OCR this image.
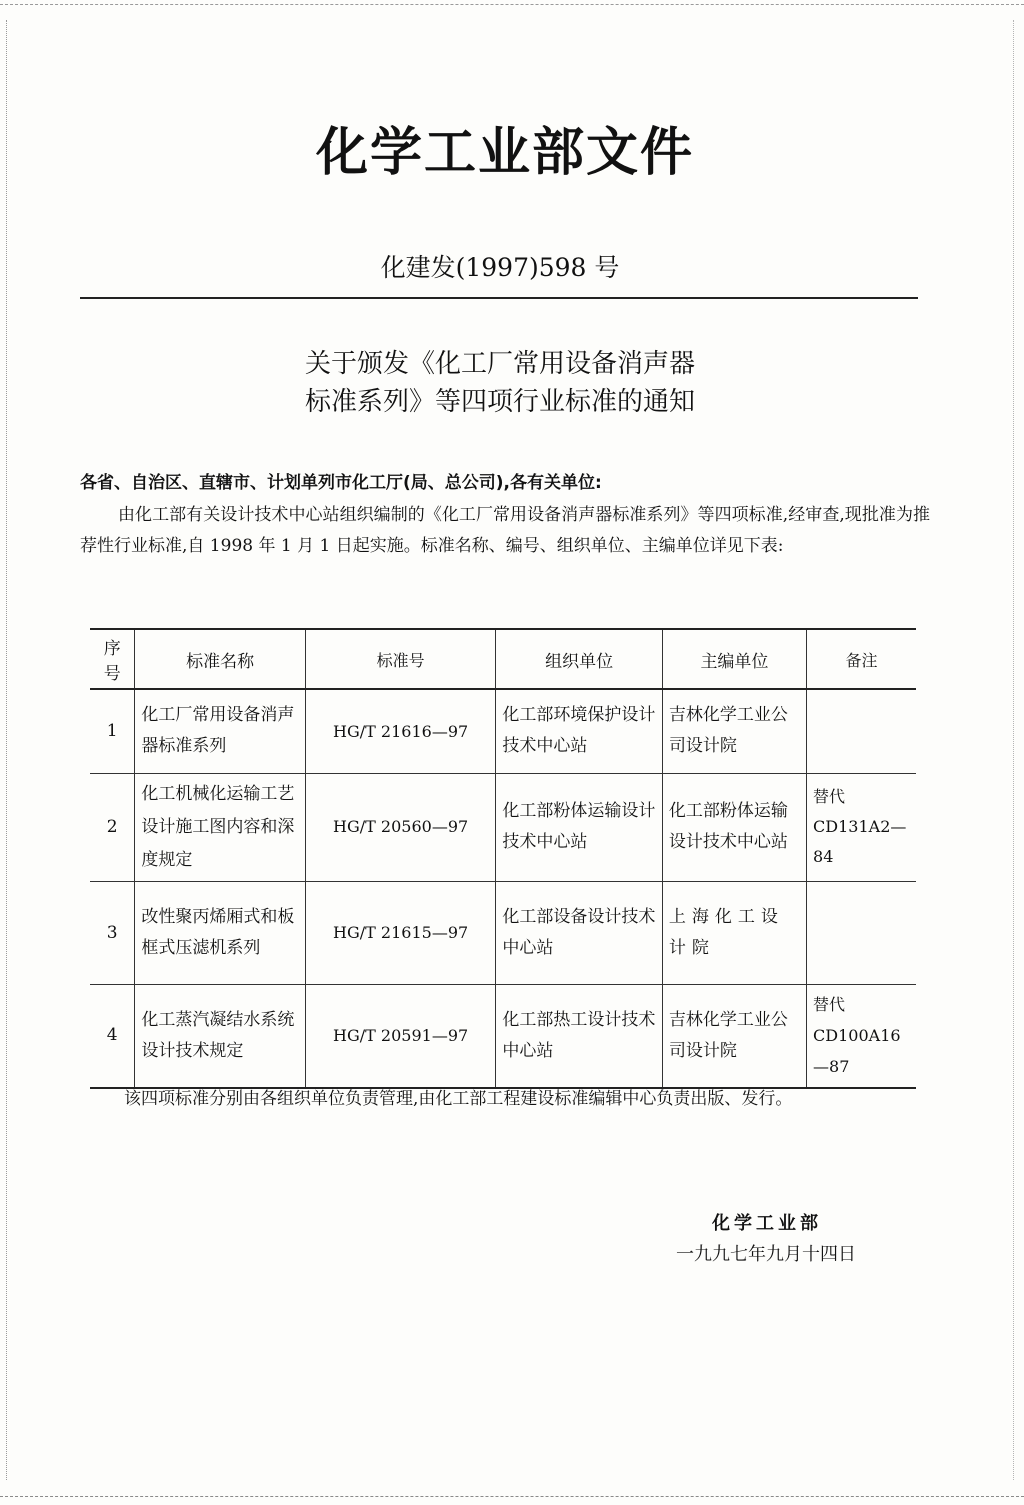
化学工业部文件
化建发(1997)598 号
关于颁发《化工厂常用设备消声器
标准系列》等四项行业标准的通知
各省、自治区、直辖市、计划单列市化工厅(局、总公司),各有关单位:
由化工部有关设计技术中心站组织编制的《化工厂常用设备消声器标准系列》等四项标准,经审查,现批准为推荐性行业标准,自 1998 年 1 月 1 日起实施。标准名称、编号、组织单位、主编单位详见下表:
序号	标准名称	标准号	组织单位	主编单位	备注
1	化工厂常用设备消声器标准系列	HG/T 21616—97	化工部环境保护设计技术中心站	吉林化学工业公司设计院	
2	化工机械化运输工艺设计施工图内容和深度规定	HG/T 20560—97	化工部粉体运输设计技术中心站	化工部粉体运输设计技术中心站	替代 CD131A2—84
3	改性聚丙烯厢式和板框式压滤机系列	HG/T 21615—97	化工部设备设计技术中心站	上海化工设计院	
4	化工蒸汽凝结水系统设计技术规定	HG/T 20591—97	化工部热工设计技术中心站	吉林化学工业公司设计院	替代 CD100A16—87
该四项标准分别由各组织单位负责管理,由化工部工程建设标准编辑中心负责出版、发行。
化学工业部
一九九七年九月十四日
